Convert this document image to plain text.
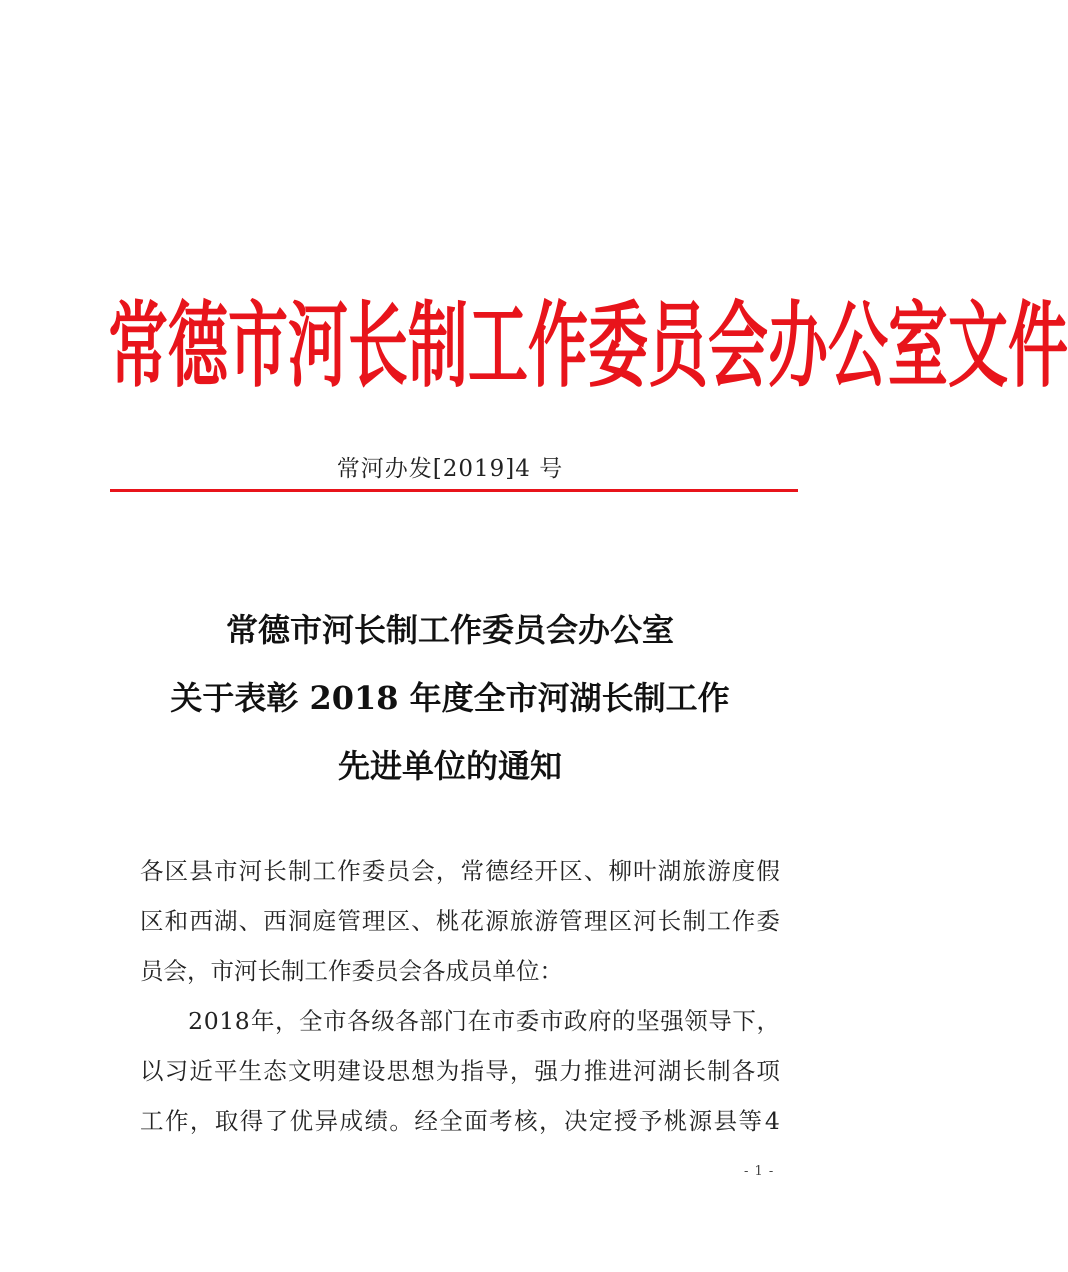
常 德 市 河 长 制 工 作 委 员 会 办 公 室 文 件
常河办发[2019]4 号
常德市河长制工作委员会办公室
关于表彰 2018 年度全市河湖长制工作
先进单位的通知
各 区 县 市 河 长 制 工 作 委 员 会 ， 常 德 经 开 区 、 柳 叶 湖 旅 游 度 假
区 和 西 湖 、 西 洞 庭 管 理 区 、 桃 花 源 旅 游 管 理 区 河 长 制 工 作 委
员会，市河长制工作委员会各成员单位：

2 0 1 8 年 ， 全 市 各 级 各 部 门 在 市 委 市 政 府 的 坚 强 领 导 下 ，
以 习 近 平 生 态 文 明 建 设 思 想 为 指 导 ， 强 力 推 进 河 湖 长 制 各 项
工 作 ， 取 得 了 优 异 成 绩 。 经 全 面 考 核 ， 决 定 授 予 桃 源 县 等 4
- 1 -
